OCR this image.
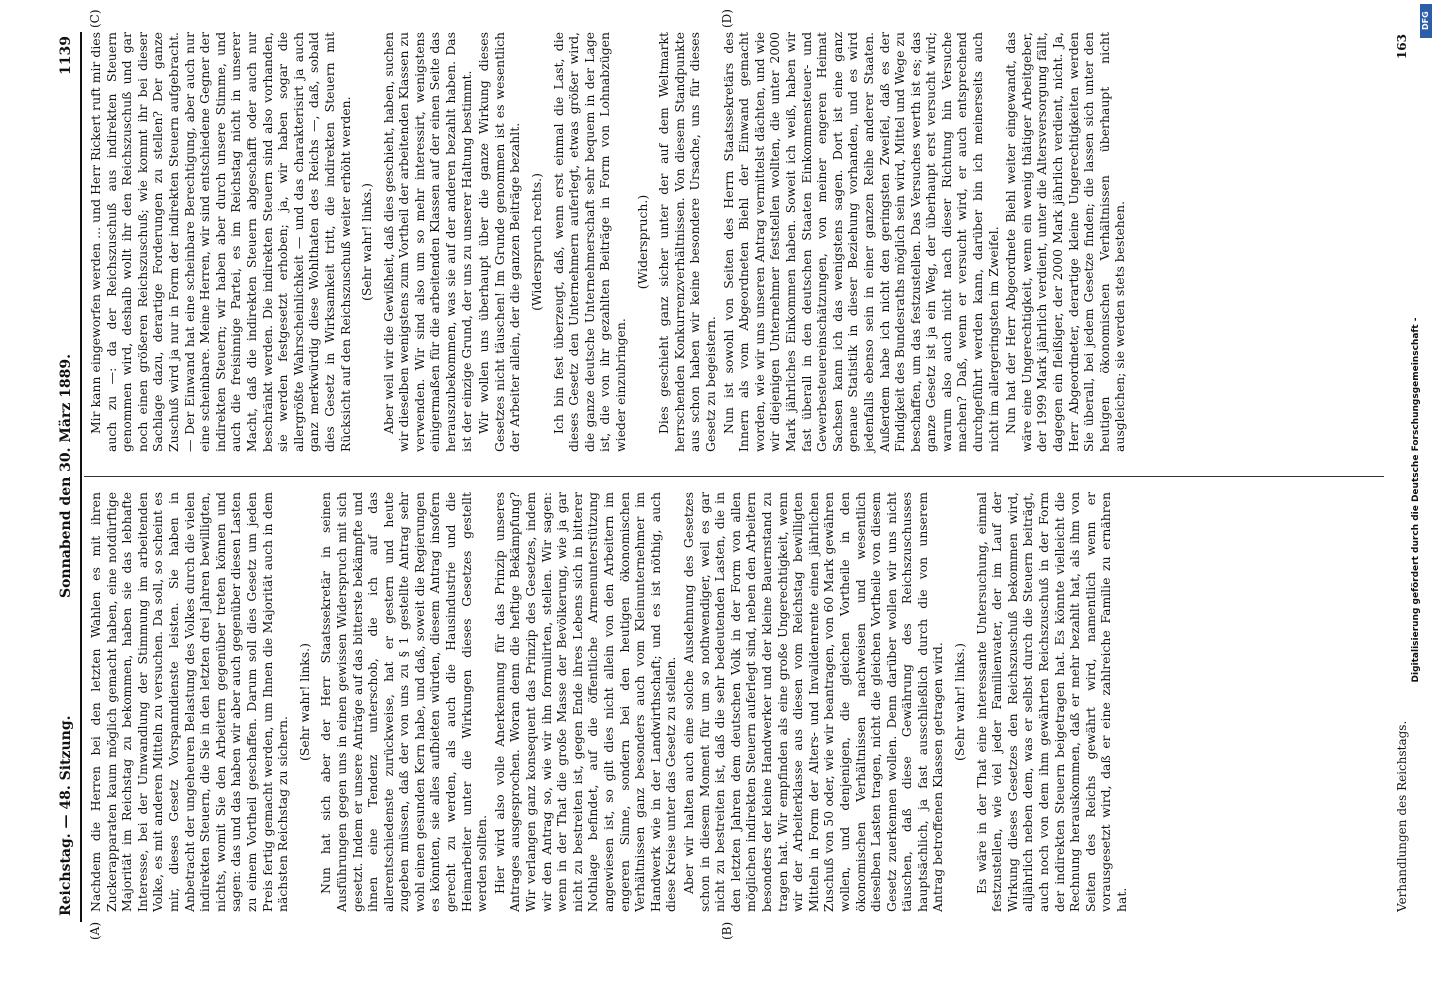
Reichstag. — 48. Sitzung.
Sonnabend den 30. März 1889.
1139
(A)	(B)
(C)	(D)

Nachdem die Herren bei den letzten Wahlen es mit ihren Zuckerapparaten kaum möglich gemacht haben, eine notdürftige Majorität im Reichstag zu bekommen, haben sie das lebhafte Interesse, bei der Umwandlung der Stimmung im arbeitenden Volke, es mit anderen Mitteln zu versuchen. Da soll, so scheint es mir, dieses Gesetz Vorspanndienste leisten. Sie haben in Anbetracht der ungeheuren Belastung des Volkes durch die vielen indirekten Steuern, die Sie in den letzten drei Jahren bewilligten, nichts, womit Sie den Arbeitern gegenüber treten können und sagen: das und das haben wir aber auch gegenüber diesen Lasten zu einem Vortheil geschaffen. Darum soll dies Gesetz um jeden Preis fertig gemacht werden, um Ihnen die Majorität auch in dem nächsten Reichstag zu sichern.

(Sehr wahr! links.) Nun hat sich aber der Herr Staatssekretär in seinen Ausführungen gegen uns in einen gewissen Widerspruch mit sich gesetzt. Indem er unsere Anträge auf das bitterste bekämpfte und ihnen eine Tendenz unterschob, die ich auf das allerentschiedenste zurückweise, hat er gestern und heute zugeben müssen, daß der von uns zu § 1 gestellte Antrag sehr wohl einen gesunden Kern habe, und daß, soweit die Regierungen es könnten, sie alles aufbieten würden, diesem Antrag insofern gerecht zu werden, als auch die Hausindustrie und die Heimarbeiter unter die Wirkungen dieses Gesetzes gestellt werden sollten. Hier wird also volle Anerkennung für das Prinzip unseres Antrages ausgesprochen. Woran denn die heftige Bekämpfung? Wir verlangen ganz konsequent das Prinzip des Gesetzes, indem wir den Antrag so, wie wir ihn formulirten, stellen. Wir sagen: wenn in der That die große Masse der Bevölkerung, wie ja gar nicht zu bestreiten ist, gegen Ende ihres Lebens sich in bitterer Nothlage befindet, auf die öffentliche Armenunterstützung angewiesen ist, so gilt dies nicht allein von den Arbeitern im engeren Sinne, sondern bei den heutigen ökonomischen Verhältnissen ganz besonders auch vom Kleinunternehmer im Handwerk wie in der Landwirthschaft; und es ist nöthig, auch diese Kreise unter das Gesetz zu stellen. Aber wir halten auch eine solche Ausdehnung des Gesetzes schon in diesem Moment für um so nothwendiger, weil es gar nicht zu bestreiten ist, daß die sehr bedeutenden Lasten, die in den letzten Jahren dem deutschen Volk in der Form von allen möglichen indirekten Steuern auferlegt sind, neben den Arbeitern besonders der kleine Handwerker und der kleine Bauernstand zu tragen hat. Wir empfinden als eine große Ungerechtigkeit, wenn wir der Arbeiterklasse aus diesen vom Reichstag bewilligten Mitteln in Form der Alters- und Invalidenrente einen jährlichen Zuschuß von 50 oder, wie wir beantragen, von 60 Mark gewähren wollen, und denjenigen, die gleichen Vortheile in den ökonomischen Verhältnissen nachweisen und wesentlich dieselben Lasten tragen, nicht die gleichen Vortheile von diesem Gesetz zuerkennen wollen. Denn darüber wollen wir uns nicht täuschen, daß diese Gewährung des Reichszuschusses hauptsächlich, ja fast ausschließlich durch die von unserem Antrag betroffenen Klassen getragen wird. (Sehr wahr! links.) Es wäre in der That eine interessante Untersuchung, einmal festzustellen, wie viel jeder Familienvater, der im Lauf der Wirkung dieses Gesetzes den Reichszuschuß bekommen wird, alljährlich neben dem, was er selbst durch die Steuern beiträgt, auch noch von dem ihm gewährten Reichszuschuß in der Form der indirekten Steuern beigetragen hat. Es könnte vielleicht die Rechnung herauskommen, daß er mehr bezahlt hat, als ihm von Seiten des Reichs gewährt wird, namentlich wenn er vorausgesetzt wird, daß er eine zahlreiche Familie zu ernähren hat.

Mir kann eingeworfen werden ... und Herr Rickert ruft mir dies auch zu —: da der Reichszuschuß aus indirekten Steuern genommen wird, deshalb wollt ihr den Reichszuschuß und gar noch einen größeren Reichszuschuß; wie kommt ihr bei dieser Sachlage dazu, derartige Forderungen zu stellen? Der ganze Zuschuß wird ja nur in Form der indirekten Steuern aufgebracht. — Der Einwand hat eine scheinbare Berechtigung, aber auch nur eine scheinbare. Meine Herren, wir sind entschiedene Gegner der indirekten Steuern; wir haben aber durch unsere Stimme, und auch die freisinnige Partei, es im Reichstag nicht in unserer Macht, daß die indirekten Steuern abgeschafft oder auch nur beschränkt werden. Die indirekten Steuern sind also vorhanden, sie werden festgesetzt erhoben; ja, wir haben sogar die allergrößte Wahrscheinlichkeit — und das charakterisirt ja auch ganz merkwürdig diese Wohlthaten des Reichs —, daß, sobald dies Gesetz in Wirksamkeit tritt, die indirekten Steuern mit Rücksicht auf den Reichszuschuß weiter erhöht werden. (Sehr wahr! links.) Aber weil wir die Gewißheit, daß dies geschieht, haben, suchen wir dieselben wenigstens zum Vortheil der arbeitenden Klassen zu verwenden. Wir sind also um so mehr interessirt, wenigstens einigermaßen für die arbeitenden Klassen auf der einen Seite das herauszubekommen, was sie auf der anderen bezahlt haben. Das ist der einzige Grund, der uns zu unserer Haltung bestimmt. Wir wollen uns überhaupt über die ganze Wirkung dieses Gesetzes nicht täuschen! Im Grunde genommen ist es wesentlich der Arbeiter allein, der die ganzen Beiträge bezahlt. (Widerspruch rechts.) Ich bin fest überzeugt, daß, wenn erst einmal die Last, die dieses Gesetz den Unternehmern auferlegt, etwas größer wird, die ganze deutsche Unternehmerschaft sehr bequem in der Lage ist, die von ihr gezahlten Beiträge in Form von Lohnabzügen wieder einzubringen.

(Widerspruch.) Dies geschieht ganz sicher unter der auf dem Weltmarkt herrschenden Konkurrenzverhältnissen. Von diesem Standpunkte aus schon haben wir keine besondere Ursache, uns für dieses Gesetz zu begeistern. Nun ist sowohl von Seiten des Herrn Staatssekretärs des Innern als vom Abgeordneten Biehl der Einwand gemacht worden, wie wir uns unseren Antrag vermittelst dächten, und wie wir diejenigen Unternehmer feststellen wollten, die unter 2000 Mark jährliches Einkommen haben. Soweit ich weiß, haben wir fast überall in den deutschen Staaten Einkommensteuer- und Gewerbesteuereinschätzungen, von meiner engeren Heimat Sachsen kann ich das wenigstens sagen. Dort ist eine ganz genaue Statistik in dieser Beziehung vorhanden, und es wird jedenfalls ebenso sein in einer ganzen Reihe anderer Staaten. Außerdem habe ich nicht den geringsten Zweifel, daß es der Findigkeit des Bundesraths möglich sein wird, Mittel und Wege zu beschaffen, um das festzustellen. Das Versuches werth ist es; das ganze Gesetz ist ja ein Weg, der überhaupt erst versucht wird; warum also auch nicht nach dieser Richtung hin Versuche machen? Daß, wenn er versucht wird, er auch entsprechend durchgeführt werden kann, darüber bin ich meinerseits auch nicht im allergeringsten im Zweifel. Nun hat der Herr Abgeordnete Biehl weiter eingewandt, das wäre eine Ungerechtigkeit, wenn ein wenig thätiger Arbeitgeber, der 1999 Mark jährlich verdient, unter die Altersversorgung fällt, dagegen ein fleißiger, der 2000 Mark jährlich verdient, nicht. Ja, Herr Abgeordneter, derartige kleine Ungerechtigkeiten werden Sie überall, bei jedem Gesetze finden; die lassen sich unter den heutigen ökonomischen Verhältnissen überhaupt nicht ausgleichen; sie werden stets bestehen.

Verhandlungen des Reichstags.
163
Digitalisierung gefördert durch die Deutsche Forschungsgemeinschaft -
DFG
